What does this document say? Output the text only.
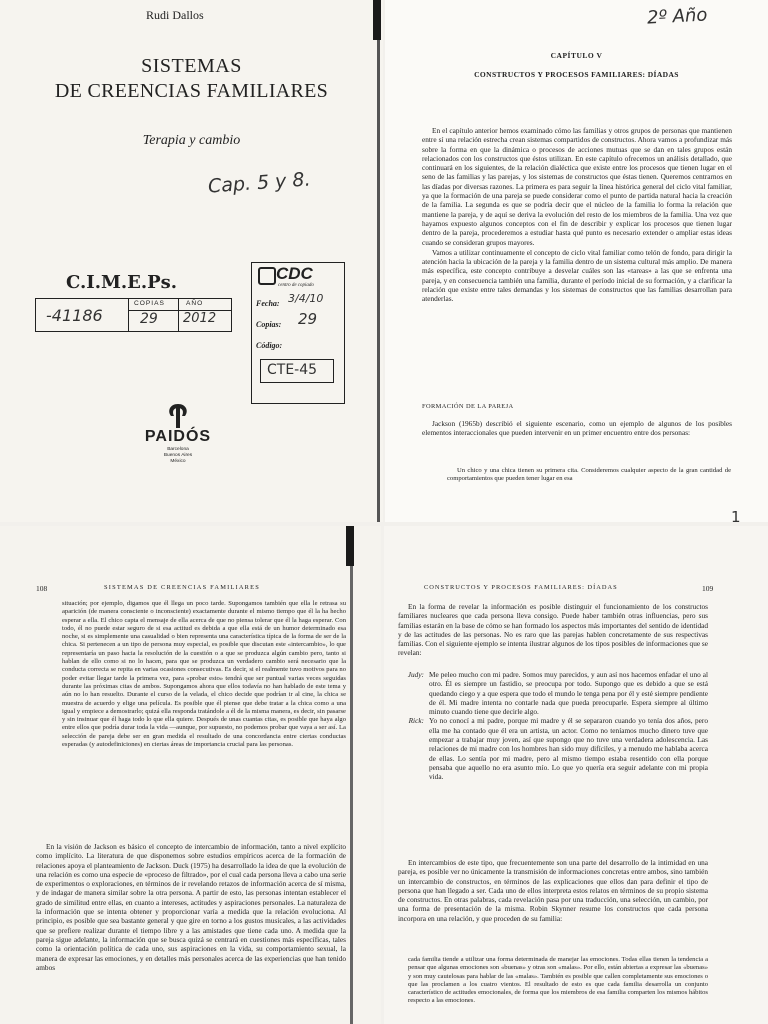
Rudi Dallos
SISTEMAS
DE CREENCIAS FAMILIARES
Terapia y cambio
Cap. 5 y 8.
C.I.M.E.Ps.
COPIAS	AÑO
-41186	29 2012
CDC
centro de copiado
Fecha: 3/4/10
Copias: 29
Código:
CTE-45
PAIDÓS
Barcelona
Buenos Aires
México
2º Año
CAPÍTULO V
CONSTRUCTOS Y PROCESOS FAMILIARES: DÍADAS

En el capítulo anterior hemos examinado cómo las familias y otros grupos de personas que mantienen entre sí una relación estrecha crean sistemas compartidos de constructos. Ahora vamos a profundizar más sobre la forma en que la dinámica o procesos de acciones mutuas que se dan en tales grupos están relacionados con los constructos que éstos utilizan. En este capítulo ofrecemos un análisis detallado, que continuará en los siguientes, de la relación dialéctica que existe entre los procesos que tienen lugar en el seno de las familias y las parejas, y los sistemas de constructos que éstas tienen. Queremos centrarnos en las díadas por diversas razones. La primera es para seguir la línea histórica general del ciclo vital familiar, ya que la formación de una pareja se puede considerar como el punto de partida natural hacia la creación de la familia. La segunda es que se podría decir que el núcleo de la familia lo forma la relación que mantiene la pareja, y de aquí se deriva la evolución del resto de los miembros de la familia. Una vez que hayamos expuesto algunos conceptos con el fin de describir y explicar los procesos que tienen lugar dentro de la pareja, procederemos a estudiar hasta qué punto es necesario extender o ampliar estas ideas cuando se consideran grupos mayores.

Vamos a utilizar continuamente el concepto de ciclo vital familiar como telón de fondo, para dirigir la atención hacia la ubicación de la pareja y la familia dentro de un sistema cultural más amplio. De manera más específica, este concepto contribuye a desvelar cuáles son las «tareas» a las que se enfrenta una pareja, y en consecuencia también una familia, durante el período inicial de su formación, y a clarificar la relación que existe entre tales demandas y los sistemas de constructos que las familias desarrollan para atenderlas.

FORMACIÓN DE LA PAREJA

Jackson (1965b) describió el siguiente escenario, como un ejemplo de algunos de los posibles elementos interaccionales que pueden intervenir en un primer encuentro entre dos personas:

Un chico y una chica tienen su primera cita. Consideremos cualquier aspecto de la gran cantidad de comportamientos que pueden tener lugar en esa
1
108	SISTEMAS DE CREENCIAS FAMILIARES
situación; por ejemplo, digamos que él llega un poco tarde. Supongamos también que ella le retrasa su aparición (de manera consciente o inconsciente) exactamente durante el mismo tiempo que él la ha hecho esperar a ella. El chico capta el mensaje de ella acerca de que no piensa tolerar que él la haga esperar. Con todo, él no puede estar seguro de si esa actitud es debida a que ella está de un humor determinado esa noche, si es simplemente una casualidad o bien representa una característica típica de la forma de ser de la chica. Si pertenecen a un tipo de persona muy especial, es posible que discutan este «intercambio», lo que representaría un paso hacia la resolución de la cuestión o a que se produzca algún cambio pero, tanto si hablan de ello como si no lo hacen, para que se produzca un verdadero cambio será necesario que la conducta correcta se repita en varias ocasiones consecutivas. Es decir, si el realmente tuvo motivos para no poder evitar llegar tarde la primera vez, para «probar esto» tendrá que ser puntual varias veces seguidas durante las próximas citas de ambos. Supongamos ahora que ellos todavía no han hablado de este tema y aún no lo han resuelto. Durante el curso de la velada, el chico decide que podrían ir al cine, la chica se muestra de acuerdo y elige una película. Es posible que él piense que debe tratar a la chica como a una igual y empiece a demostrarlo; quizá ella responda tratándole a él de la misma manera, es decir, sin pasarse y sin insinuar que él haga todo lo que ella quiere. Después de unas cuantas citas, es posible que haya algo entre ellos que podría durar toda la vida —aunque, por supuesto, no podemos probar que vaya a ser así. La selección de pareja debe ser en gran medida el resultado de una concordancia entre ciertas conductas esperadas (y autodefiniciones) en ciertas áreas de importancia crucial para las personas.

En la visión de Jackson es básico el concepto de intercambio de información, tanto a nivel explícito como implícito. La literatura de que disponemos sobre estudios empíricos acerca de la formación de relaciones apoya el planteamiento de Jackson. Duck (1975) ha desarrollado la idea de que la evolución de una relación es como una especie de «proceso de filtrado», por el cual cada persona lleva a cabo una serie de experimentos o exploraciones, en términos de ir revelando retazos de información acerca de sí misma, y de indagar de manera similar sobre la otra persona. A partir de esto, las personas intentan establecer el grado de similitud entre ellas, en cuanto a intereses, actitudes y aspiraciones personales. La naturaleza de la información que se intenta obtener y proporcionar varía a medida que la relación evoluciona. Al principio, es posible que sea bastante general y que gire en torno a los gustos musicales, a las actividades que se prefiere realizar durante el tiempo libre y a las amistades que tiene cada uno. A medida que la pareja sigue adelante, la información que se busca quizá se centrará en cuestiones más específicas, tales como la orientación política de cada uno, sus aspiraciones en la vida, su comportamiento sexual, la manera de expresar las emociones, y en detalles más personales acerca de las experiencias que han tenido ambos

CONSTRUCTOS Y PROCESOS FAMILIARES: DÍADAS	109

En la forma de revelar la información es posible distinguir el funcionamiento de los constructos familiares nucleares que cada persona lleva consigo. Puede haber también otras influencias, pero sus familias estarán en la base de cómo se han formado los aspectos más importantes del sentido de identidad y de las actitudes de las personas. No es raro que las parejas hablen concretamente de sus respectivas familias. Con el siguiente ejemplo se intenta ilustrar algunos de los tipos posibles de informaciones que se revelan:

Judy: Me peleo mucho con mi padre. Somos muy parecidos, y aun así nos hacemos enfadar el uno al otro. Él es siempre un fastidio, se preocupa por todo. Supongo que es debido a que se está quedando ciego y a que espera que todo el mundo le tenga pena por él y esté siempre pendiente de él. Mi madre intenta no contarle nada que pueda preocuparle. Espera siempre al último minuto cuando tiene que decirle algo.
Rick: Yo no conocí a mi padre, porque mi madre y él se separaron cuando yo tenía dos años, pero ella me ha contado que él era un artista, un actor. Como no teníamos mucho dinero tuve que empezar a trabajar muy joven, así que supongo que no tuve una verdadera adolescencia. Las relaciones de mi madre con los hombres han sido muy difíciles, y a menudo me hablaba acerca de ellas. Lo sentía por mi madre, pero al mismo tiempo estaba resentido con ella porque pensaba que aquello no era asunto mío. Lo que yo quería era seguir adelante con mi propia vida.

En intercambios de este tipo, que frecuentemente son una parte del desarrollo de la intimidad en una pareja, es posible ver no únicamente la transmisión de informaciones concretas entre ambos, sino también un intercambio de constructos, en términos de las explicaciones que ellos dan para definir el tipo de persona que han llegado a ser. Cada uno de ellos interpreta estos relatos en términos de su propio sistema de constructos. En otras palabras, cada revelación pasa por una traducción, una selección, un cambio, por una forma de presentación de la misma. Robin Skynner resume los constructos que cada persona incorpora en una relación, y que proceden de su familia:

cada familia tiende a utilizar una forma determinada de manejar las emociones. Todas ellas tienen la tendencia a pensar que algunas emociones son «buenas» y otras son «malas». Por ello, están abiertas a expresar las «buenas» y son muy cautelosas para hablar de las «malas». También es posible que callen completamente sus emociones o que las proclamen a los cuatro vientos. El resultado de esto es que cada familia desarrolla un conjunto característico de actitudes emocionales, de forma que los miembros de esa familia comparten los mismos hábitos respecto a las emociones.
